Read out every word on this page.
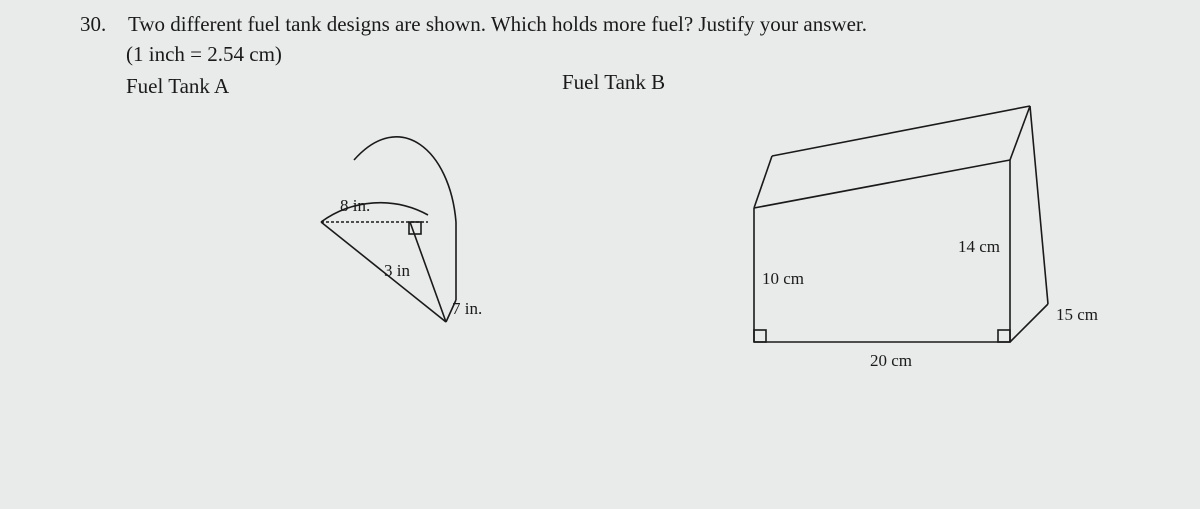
30. Two different fuel tank designs are shown. Which holds more fuel? Justify your answer.
(1 inch = 2.54 cm)
Fuel Tank A	Fuel Tank B
8 in.
3 in
7 in.
10 cm
14 cm
20 cm
15 cm
